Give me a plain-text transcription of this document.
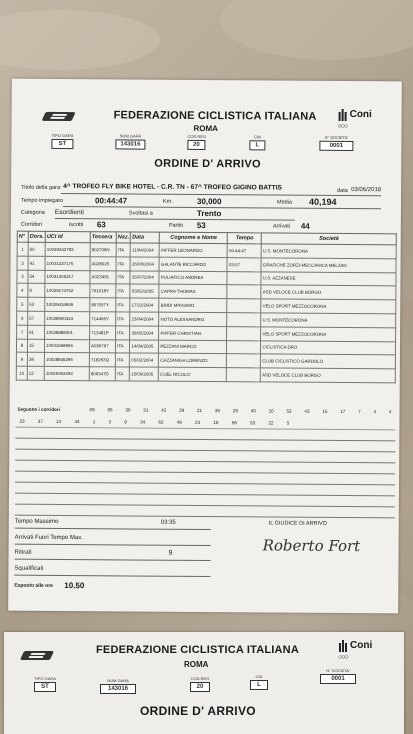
FEDERAZIONE CICLISTICA ITALIANA
ROMA
Coni
○○○
TIPO GARA
ST
NUM.GARA
143016
COD.REG
20
CIN
L
N° SOCIETA'
0001
ORDINE D' ARRIVO
Titolo della gara: 4^ TROFEO FLY BIKE HOTEL - C.R. TN - 67^ TROFEO GIGINO BATTIS	data 03/06/2018
Tempo impiegato	00:44:47	Km.	30,000	Media 40,194
Categoria Esordienti	Svoltasi a	Trento
Corridori	Iscritti 63	Partiti 53	Arrivati 44
N°	Dors.	UCI id	Tessera	Naz.	Data	Cognome e Nome	Tempo	Società
1	60	10029342783	802709N	ITA	11/04/2004	PIFFER LEONARDO	00:44:47	U.S. MONTECORONA
2	41	10031437175	A028025	ITA	26/06/2004	GALANTE RICCARDO	03:07	GRAFICHE ZORZI-MECCANICA MELZAN
3	54	10031305217	A023491	ITA	25/07/2004	PULIAFICO ANDREA		U.S. AZZANESE
4	8	10029174752	791018Y	ITA	03/02/2005	CAPRA THOMAS		ASD VELOCE CLUB BORGO
5	63	10029416849	807057Y	ITA	17/11/2004	BRIDI MASSIMO		VELO SPORT MEZZOCORONA
6	57	10028900324	714466Y	ITA	23/04/2004	NOTO ALESSANDRO		U.S. MONTECORONA
7	61	10028888301	713481P	ITA	30/05/2004	PIFFER CHRISTIAN		VELO SPORT MEZZOCORONA
8	15	10031668965	A036767	ITA	14/04/2005	PEZZANI MARCO		CICLISTICA DRO
9	38	10028846295	718263Q	ITA	05/02/2004	CAZZANIGA LORENZO		CLUB CICLISTICO GARDOLO
10	12	10029392293	806347D	ITA	15/06/2005	CUEL NICOLO'		ASD VELOCE CLUB BORGO
Seguono i corridori	69	66	30	31	42	29	21	35	29	40	10	52	43	15	17	7	4	4
23	37	14	44	1	3	9	34	62	49	24	16	58	53	22	5
Tempo Massimo	03:35
Arrivati Fuori Tempo Max.
Ritirati	9
Squalificati
Esposto alle ore 10.50
IL GIUDICE DI ARRIVO
Roberto Fort
FEDERAZIONE CICLISTICA ITALIANA
ROMA
Coni
○○○
TIPO GARA
ST
NUM.GARA
143016
COD.REG
20
CIN
L
N° SOCIETA'
0001
ORDINE D' ARRIVO
